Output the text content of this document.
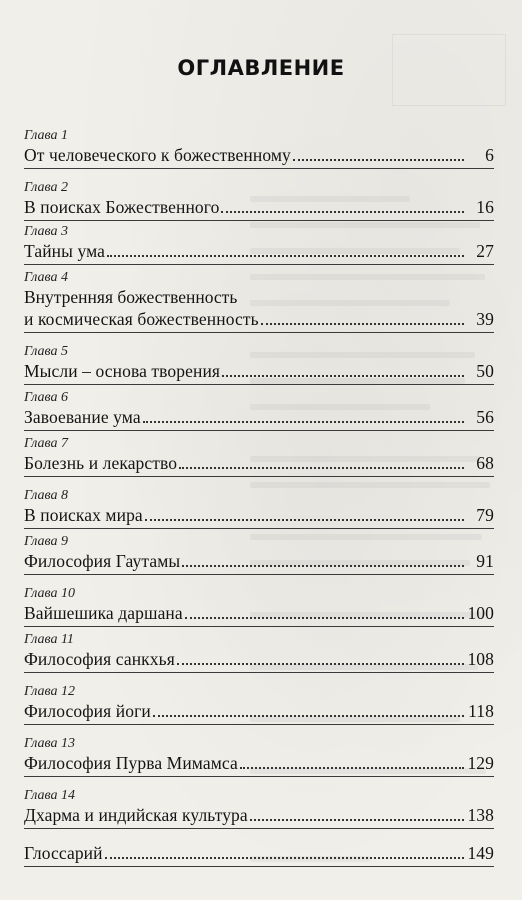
ОГЛАВЛЕНИЕ
Глава 1
От человеческого к божественному	6
Глава 2
В поисках Божественного	16
Глава 3
Тайны ума	27
Глава 4
Внутренняя божественность
и космическая божественность	39
Глава 5
Мысли – основа творения	50
Глава 6
Завоевание ума	56
Глава 7
Болезнь и лекарство	68
Глава 8
В поисках мира	79
Глава 9
Философия Гаутамы	91
Глава 10
Вайшешика даршана	100
Глава 11
Философия санкхья	108
Глава 12
Философия йоги	118
Глава 13
Философия Пурва Мимамса	129
Глава 14
Дхарма и индийская культура	138
Глоссарий	149
